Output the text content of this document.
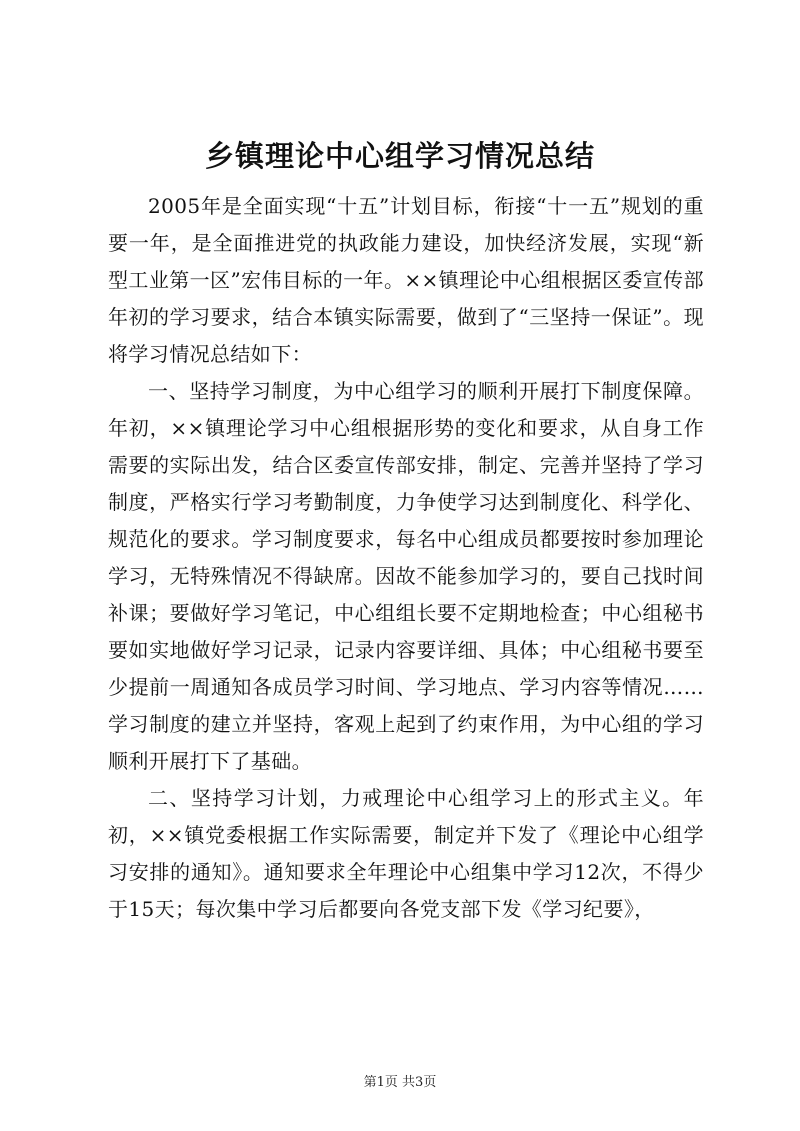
乡镇理论中心组学习情况总结

2005年是全面实现“十五”计划目标，衔接“十一五”规划的重要一年，是全面推进党的执政能力建设，加快经济发展，实现“新型工业第一区”宏伟目标的一年。××镇理论中心组根据区委宣传部年初的学习要求，结合本镇实际需要，做到了“三坚持一保证”。现将学习情况总结如下：

一、坚持学习制度，为中心组学习的顺利开展打下制度保障。年初，××镇理论学习中心组根据形势的变化和要求，从自身工作需要的实际出发，结合区委宣传部安排，制定、完善并坚持了学习制度，严格实行学习考勤制度，力争使学习达到制度化、科学化、规范化的要求。学习制度要求，每名中心组成员都要按时参加理论学习，无特殊情况不得缺席。因故不能参加学习的，要自己找时间补课；要做好学习笔记，中心组组长要不定期地检查；中心组秘书要如实地做好学习记录，记录内容要详细、具体；中心组秘书要至少提前一周通知各成员学习时间、学习地点、学习内容等情况……学习制度的建立并坚持，客观上起到了约束作用，为中心组的学习顺利开展打下了基础。

二、坚持学习计划，力戒理论中心组学习上的形式主义。年初，××镇党委根据工作实际需要，制定并下发了《理论中心组学习安排的通知》。通知要求全年理论中心组集中学习12次，不得少于15天；每次集中学习后都要向各党支部下发《学习纪要》，

第1页 共3页
